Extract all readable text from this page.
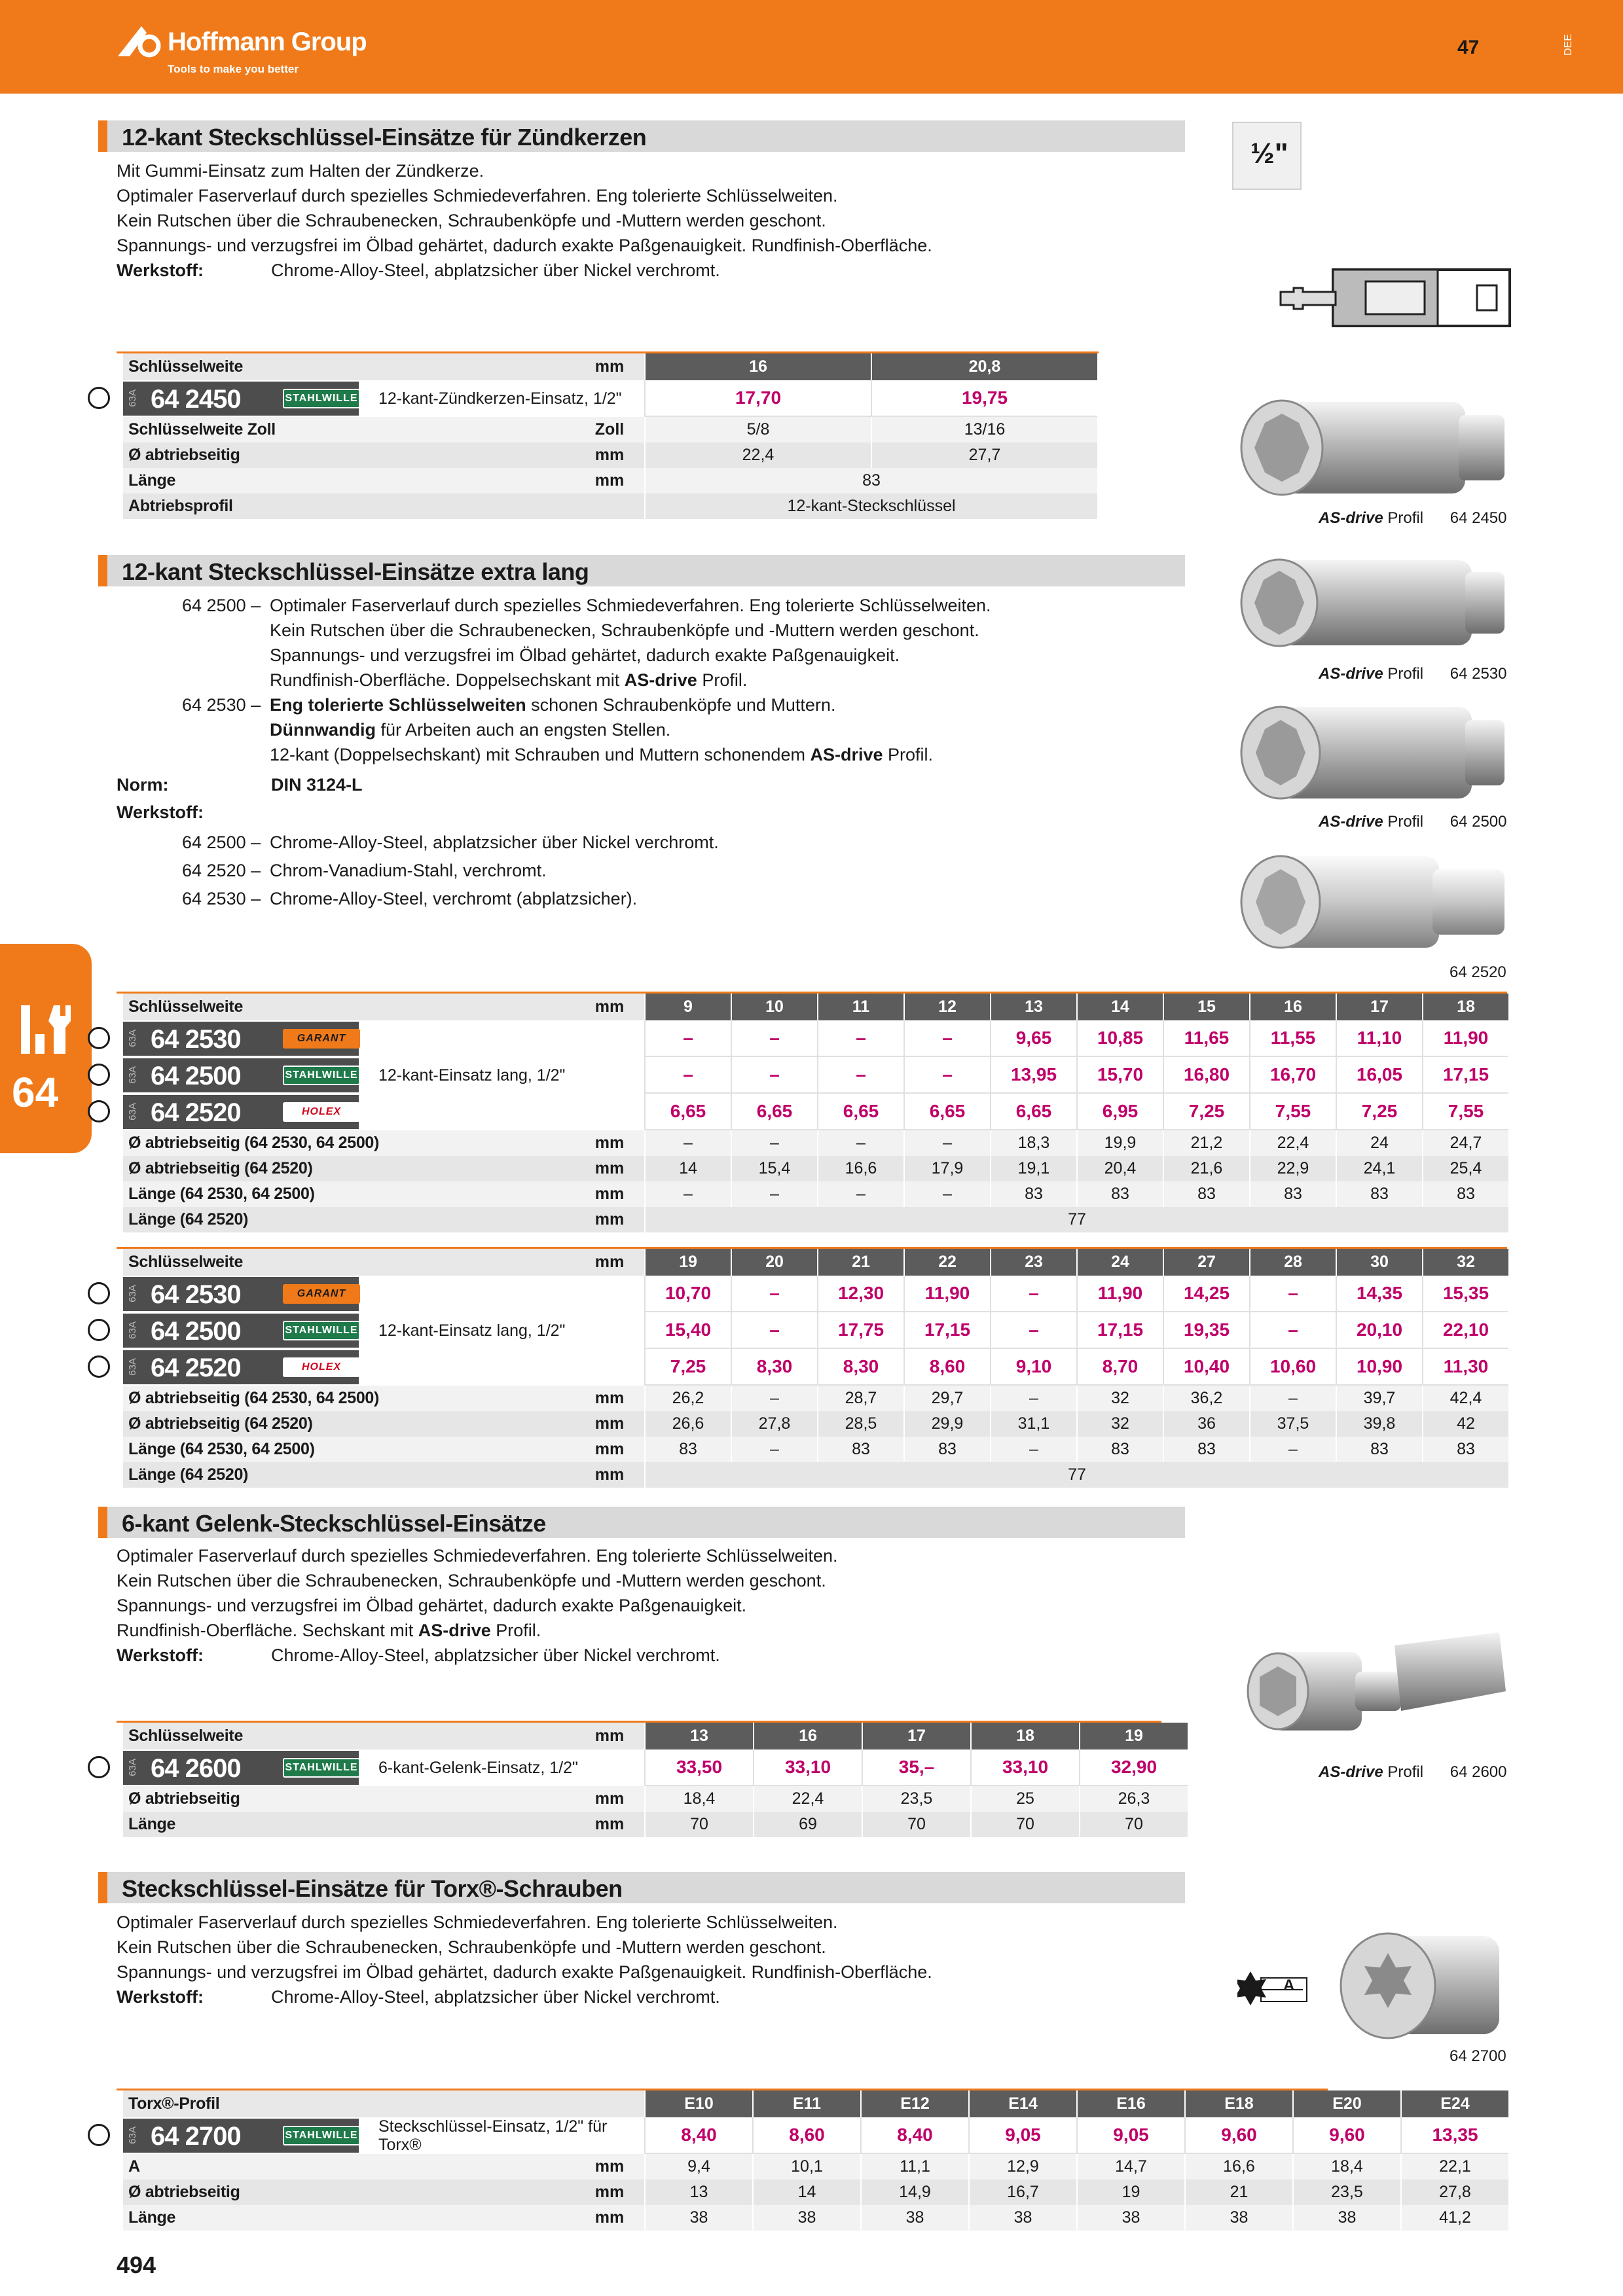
Hoffmann Group
Tools to make you better
47	DEE
12-kant Steckschlüssel-Einsätze für Zündkerzen
½"
Mit Gummi-Einsatz zum Halten der Zündkerze.
Optimaler Faserverlauf durch spezielles Schmiedeverfahren. Eng tolerierte Schlüsselweiten.
Kein Rutschen über die Schraubenecken, Schraubenköpfe und -Muttern werden geschont.
Spannungs- und verzugsfrei im Ölbad gehärtet, dadurch exakte Paßgenauigkeit. Rundfinish-Oberfläche.
Werkstoff:	Chrome-Alloy-Steel, abplatzsicher über Nickel verchromt.
Schlüsselweite	mm	16	20,8
63A 64 2450	STAHLWILLE 12-kant-Zündkerzen-Einsatz, 1/2"	17,70	19,75
Schlüsselweite Zoll	Zoll	5/8	13/16
Ø abtriebseitig	mm	22,4	27,7
Länge	mm	83
Abtriebsprofil	12-kant-Steckschlüssel
AS-drive Profil 64 2450
12-kant Steckschlüssel-Einsätze extra lang
64 2500 – Optimaler Faserverlauf durch spezielles Schmiedeverfahren. Eng tolerierte Schlüsselweiten.
Kein Rutschen über die Schraubenecken, Schraubenköpfe und -Muttern werden geschont.
Spannungs- und verzugsfrei im Ölbad gehärtet, dadurch exakte Paßgenauigkeit.
Rundfinish-Oberfläche. Doppelsechskant mit AS-drive Profil.
64 2530 – Eng tolerierte Schlüsselweiten schonen Schraubenköpfe und Muttern.
Dünnwandig für Arbeiten auch an engsten Stellen.
12-kant (Doppelsechskant) mit Schrauben und Muttern schonendem AS-drive Profil.
Norm:	DIN 3124-L
Werkstoff:
64 2500 – Chrome-Alloy-Steel, abplatzsicher über Nickel verchromt.
64 2520 – Chrom-Vanadium-Stahl, verchromt.
64 2530 – Chrome-Alloy-Steel, verchromt (abplatzsicher).
AS-drive Profil 64 2530
AS-drive Profil 64 2500
64 2520
64
Schlüsselweite	mm	9	10	11	12	13	14	15	16	17	18
63A 64 2530	GARANT	–	–	–	–	9,65	10,85	11,65	11,55	11,10	11,90
63A 64 2500	STAHLWILLE 12-kant-Einsatz lang, 1/2"	–	–	–	–	13,95	15,70	16,80	16,70	16,05	17,15
63A 64 2520	HOLEX	6,65	6,65	6,65	6,65	6,65	6,95	7,25	7,55	7,25	7,55
Ø abtriebseitig (64 2530, 64 2500)	mm	–	–	–	–	18,3	19,9	21,2	22,4	24	24,7
Ø abtriebseitig (64 2520)	mm	14	15,4	16,6	17,9	19,1	20,4	21,6	22,9	24,1	25,4
Länge (64 2530, 64 2500)	mm	–	–	–	–	83	83	83	83	83	83
Länge (64 2520)	mm	77
Schlüsselweite	mm	19	20	21	22	23	24	27	28	30	32
63A 64 2530	GARANT	10,70	–	12,30	11,90	–	11,90	14,25	–	14,35	15,35
63A 64 2500	STAHLWILLE 12-kant-Einsatz lang, 1/2"	15,40	–	17,75	17,15	–	17,15	19,35	–	20,10	22,10
63A 64 2520	HOLEX	7,25	8,30	8,30	8,60	9,10	8,70	10,40	10,60	10,90	11,30
Ø abtriebseitig (64 2530, 64 2500)	mm	26,2	–	28,7	29,7	–	32	36,2	–	39,7	42,4
Ø abtriebseitig (64 2520)	mm	26,6	27,8	28,5	29,9	31,1	32	36	37,5	39,8	42
Länge (64 2530, 64 2500)	mm	83	–	83	83	–	83	83	–	83	83
Länge (64 2520)	mm	77
6-kant Gelenk-Steckschlüssel-Einsätze
Optimaler Faserverlauf durch spezielles Schmiedeverfahren. Eng tolerierte Schlüsselweiten.
Kein Rutschen über die Schraubenecken, Schraubenköpfe und -Muttern werden geschont.
Spannungs- und verzugsfrei im Ölbad gehärtet, dadurch exakte Paßgenauigkeit.
Rundfinish-Oberfläche. Sechskant mit AS-drive Profil.
Werkstoff:	Chrome-Alloy-Steel, abplatzsicher über Nickel verchromt.
AS-drive Profil 64 2600
Schlüsselweite	mm	13	16	17	18	19
63A 64 2600	STAHLWILLE 6-kant-Gelenk-Einsatz, 1/2"	33,50	33,10	35,–	33,10	32,90
Ø abtriebseitig	mm	18,4	22,4	23,5	25	26,3
Länge	mm	70	69	70	70	70
Steckschlüssel-Einsätze für Torx®-Schrauben
Optimaler Faserverlauf durch spezielles Schmiedeverfahren. Eng tolerierte Schlüsselweiten.
Kein Rutschen über die Schraubenecken, Schraubenköpfe und -Muttern werden geschont.
Spannungs- und verzugsfrei im Ölbad gehärtet, dadurch exakte Paßgenauigkeit. Rundfinish-Oberfläche.
Werkstoff:	Chrome-Alloy-Steel, abplatzsicher über Nickel verchromt.
A
64 2700
Torx®-Profil	E10	E11	E12	E14	E16	E18	E20	E24
63A 64 2700	STAHLWILLE Steckschlüssel-Einsatz, 1/2" für Torx®	8,40	8,60	8,40	9,05	9,05	9,60	9,60	13,35
A	mm	9,4	10,1	11,1	12,9	14,7	16,6	18,4	22,1
Ø abtriebseitig	mm	13	14	14,9	16,7	19	21	23,5	27,8
Länge	mm	38	38	38	38	38	38	38	41,2
494
